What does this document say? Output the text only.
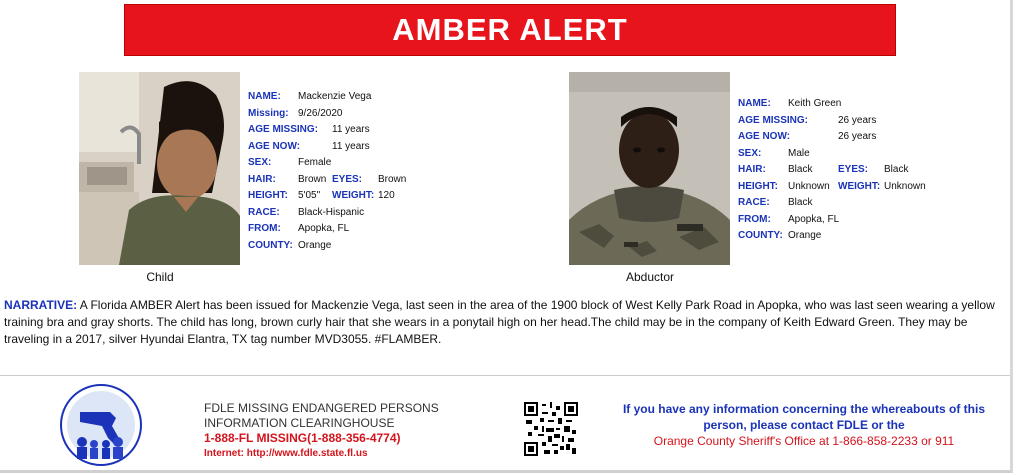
AMBER ALERT
Child
NAME: Mackenzie Vega
Missing: 9/26/2020
AGE MISSING: 11 years
AGE NOW:	11 years
SEX:	Female
HAIR: Brown EYES: Brown
HEIGHT: 5'05" WEIGHT: 120
RACE: Black-Hispanic
FROM: Apopka, FL
COUNTY: Orange
Abductor
NAME: Keith Green
AGE MISSING:	26 years
AGE NOW:	26 years
SEX:	Male
HAIR: Black	EYES: Black
HEIGHT: Unknown WEIGHT: Unknown
RACE: Black
FROM: Apopka, FL
COUNTY: Orange
NARRATIVE: A Florida AMBER Alert has been issued for Mackenzie Vega, last seen in the area of the 1900 block of West Kelly Park Road in Apopka, who was last seen wearing a yellow training bra and gray shorts. The child has long, brown curly hair that she wears in a ponytail high on her head.The child may be in the company of Keith Edward Green. They may be traveling in a 2017, silver Hyundai Elantra, TX tag number MVD3055. #FLAMBER.
FDLE MISSING ENDANGERED PERSONS
INFORMATION CLEARINGHOUSE
1-888-FL MISSING(1-888-356-4774)
Internet: http://www.fdle.state.fl.us
If you have any information concerning the whereabouts of this
person, please contact FDLE or the
Orange County Sheriff's Office at 1-866-858-2233 or 911
